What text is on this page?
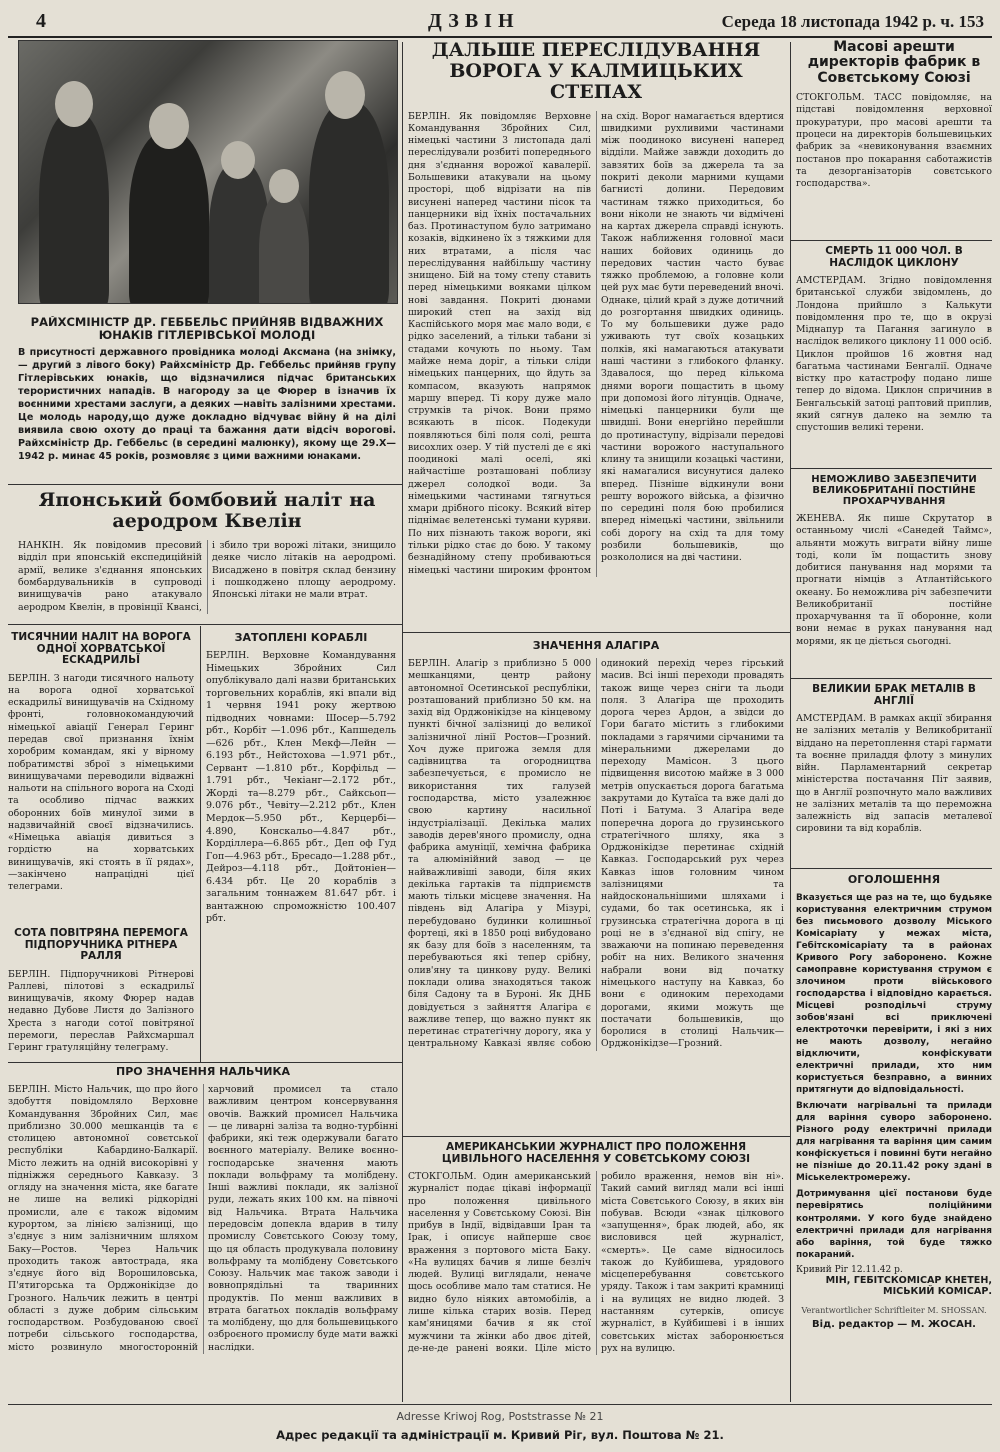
4	ДЗВІН	Середа 18 листопада 1942 р. ч. 153
РАЙХСМІНІСТР ДР. ГЕББЕЛЬС ПРИЙНЯВ ВІДВАЖНИХ ЮНАКІВ ГІТЛЕРІВСЬКОЇ МОЛОДІ

В присутності державного провідника молоді Аксмана (на знімку, — другий з лівого боку) Райхсміністр Др. Геббельс прийняв групу Гітлерівських юнаків, що відзначилися підчас британських терористичних нападів. В нагороду за це Фюрер в ізначив їх воєнними хрестами заслуги, а деяких —навіть залізними хрестами. Це молодь народу,що дуже докладно відчуває війну й на ділі виявила свою охоту до праці та бажання дати відсіч ворогові. Райхсміністр Др. Геббельс (в середині малюнку), якому ще 29.X—1942 р. минає 45 років, розмовляє з цими важними юнаками.

Японський бомбовий наліт на аеродром Квелін

НАНКІН. Як повідомив пресовий відділ при японській експедиційній армії, велике з'єднання японських бомбардувальників в супроводі винищувачів рано атакувало аеродром Квелін, в провінції Квансі, і збило три ворожі літаки, знищило деяке число літаків на аеродромі. Висаджено в повітря склад бензину і пошкоджено площу аеродрому. Японські літаки не мали втрат.

ТИСЯЧНИЙ НАЛІТ НА ВОРОГА ОДНОЇ ХОРВАТСЬКОЇ ЕСКАДРИЛЬЇ

БЕРЛІН. З нагоди тисячного нальоту на ворога одної хорватської ескадрильї винищувачів на Східному фронті, головнокомандуючий німецької авіації Генерал Геринг передав свої признання їхнім хоробрим командам, які у вірному побратимстві зброї з німецькими винищувачами переводили відважні нальоти на спільного ворога на Сході та особливо підчас важких оборонних боїв минулої зими в надзвичайній своєї відзначились. «Німецька авіація дивиться з гордістю на хорватських винищувачів, які стоять в її рядах», —закінчено напрацідні цієї телеграми.

СОТА ПОВІТРЯНА ПЕРЕМОГА ПІДПОРУЧНИКА РІТНЕРА РАЛЛЯ

БЕРЛІН. Підпоручникові Рітнерові Раллеві, пілотові з ескадрильї винищувачів, якому Фюрер надав недавно Дубове Листя до Залізного Хреста з нагоди сотої повітряної перемоги, переслав Райхсмаршал Геринг гратуляційну телеграму.

ЗАТОПЛЕНІ КОРАБЛІ

БЕРЛІН. Верховне Командування Німецьких Збройних Сил опублікувало далі назви британських торговельних кораблів, які впали від 1 червня 1941 року жертвою підводних човнами: Шосер—5.792 рбт., Корбіт —1.096 рбт., Капшедель—626 рбт., Клен Мекф—Лейн — 6.193 рбт., Нейстохова —1.971 рбт., Сервант —1.810 рбт., Корфільд — 1.791 рбт., Чекіанг—2.172 рбт., Жорді та—8.279 рбт., Сайксьоп—9.076 рбт., Чевіту—2.212 рбт., Клен Мердок—5.950 рбт., Керцербі—4.890, Конскальо—4.847 рбт., Корділлера—6.865 рбт., Деп оф Гуд Гоп—4.963 рбт., Бресадо—1.288 рбт., Дейроз—4.118 рбт., Дойтоніен—6.434 рбт. Це 20 кораблів з загальним тоннажем 81.647 рбт. і вантажною спроможністю 100.407 рбт.

ПРО ЗНАЧЕННЯ НАЛЬЧИКА

БЕРЛІН. Місто Нальчик, що про його здобуття повідомляло Верховне Командування Збройних Сил, має приблизно 30.000 мешканців та є столицею автономної совєтської республіки Кабардино-Балкарії. Місто лежить на одній високорівні у підніжжя середнього Кавказу. З огляду на значення міста, яке багате не лише на великі рідкорідні промисли, але є також відомим курортом, за лінією залізниці, що з'єднує з ним залізничним шляхом Баку—Ростов. Через Нальчик проходить також автострада, яка з'єднує його від Ворошиловська, П'ятигорська та Орджонікідзе до Грозного. Нальчик лежить в центрі області з дуже добрим сільським господарством. Розбудованою своєї потреби сільського господарства, місто розвинуло многосторонній харчовий промисел та стало важливим центром консервування овочів. Важкий промисел Нальчика — це ливарні заліза та водно-турбінні фабрики, які теж одержували багато воєнного матеріалу. Велике воєнно-господарське значення мають поклади вольфраму та молібдену. Інші важливі поклади, як залізної руди, лежать яких 100 км. на півночі від Нальчика. Втрата Нальчика передовсім допекла вдарив в тилу промислу Совєтського Союзу тому, що ця область продукувала половину вольфраму та молібдену Совєтського Союзу. Нальчик має також заводи і вовнопрядільні та тваринних продуктів. По менш важливих в втрата багатьох покладів вольфраму та молібдену, що для большевицького озброєного промислу буде мати важкі наслідки.

ДАЛЬШЕ ПЕРЕСЛІДУВАННЯ ВОРОГА У КАЛМИЦЬКИХ СТЕПАХ

БЕРЛІН. Як повідомляє Верховне Командування Збройних Сил, німецькі частини 3 листопада далі переслідували розбиті попереднього дня з'єднання ворожої кавалерії. Большевики атакували на цьому просторі, щоб відрізати на пів висунені наперед частини пісок та панцерники від їхніх постачальних баз. Протинаступом було затримано козаків, відкинено їх з тяжкими для них втратами, а після час переслідування найбільшу частину знищено. Бій на тому степу ставить перед німецькими вояками цілком нові завдання. Покриті дюнами широкий степ на захід від Каспійського моря має мало води, є рідко заселений, а тільки табани зі стадами кочують по ньому. Там майже нема доріг, а тільки сліди німецьких панцерних, що йдуть за компасом, вказують напрямок маршу вперед. Ті кору дуже мало струмків та річок. Вони прямо всякають в пісок. Подекуди появляються білі поля солі, решта висохлих озер. У тій пустелі де є які поодинокі малі оселі, які найчастіше розташовані поблизу джерел солодкої води. За німецькими частинами тягнуться хмари дрібного пісоку. Всякий вітер піднімає велетенські тумани куряви. По них пізнають також вороги, які тільки рідко стає до бою. У такому безнадійному степу пробиваються німецькі частини широким фронтом на схід. Ворог намагається вдертися швидкими рухливими частинами між поодиноко висунені наперед відділи. Майже завжди доходить до завзятих боїв за джерела та за покриті деколи марними кущами багнисті долини. Передовим частинам тяжко приходиться, бо вони ніколи не знають чи відмічені на картах джерела справді існують. Також наближення головної маси наших бойових одиниць до передових частин часто буває тяжко проблемою, а головне коли цей рух має бути переведений вночі. Однаке, цілий край з дуже дотичний до розгортання швидких одиниць. То му большевики дуже радо уживають тут своїх козацьких полків, які намагаються атакувати наші частини з глибокого фланку. Здавалося, що перед кількома днями вороги пощастить в цьому при допомозі його літунців. Одначе, німецькі панцерники були ще швидші. Вони енергійно перейшли до протинаступу, відрізали передові частини ворожого наступального клину та знищили козацькі частини, які намагалися висунутися далеко вперед. Пізніше відкинули вони решту ворожого війська, а фізично по середині поля бою пробилися вперед німецькі частини, звільнили собі дорогу на схід та для тому розбили большевиків, що розкололися на дві частини.

ЗНАЧЕННЯ АЛАГІРА

БЕРЛІН. Алагір з приблизно 5 000 мешканцями, центр району автономної Осетинської республіки, розташований приблизно 50 км. на захід від Орджонікідзе на кінцевому пункті бічної залізниці до великої залізничної лінії Ростов—Грозний. Хоч дуже пригожа земля для садівництва та огородництва забезпечується, є промисло не використання тих галузей господарства, місто узалежнює свою картину насильної індустріалізації. Декілька малих заводів дерев'яного промислу, одна фабрика амуніції, хемічна фабрика та алюмінійний завод — це найважливіші заводи, біля яких декілька гартаків та підприємств мають тільки місцеве значення. На південь від Алагіра у Мізурі, перебудовано будинки колишньої фортеці, які в 1850 році вибудовано як базу для боїв з населенням, та перебуваються які тепер срібну, олив'яну та цинкову руду. Великі поклади олива знаходяться також біля Садону та в Бурoні. Як ДНБ довідується з зайняття Алагіра є важливе тепер, що важно пункт як перетинає стратегічну дорогу, яка у центральному Кавказі являє собою одинокий перехід через гірський масив. Всі інші переходи провадять також вище через сніги та льоди поля. З Алагіра ще проходить дорога через Ардон, а звідси до Гори багато містить з глибокими покладами з гарячими сірчаними та мінеральними джерелами до переходу Мамісон. З цього підвищення висотою майже в 3 000 метрів опускається дорога багатьма закрутами до Кутаїса та вже далі до Поті і Батума. З Алагіра веде поперечна дорога до грузинського стратегічного шляху, яка з Орджонікідзе перетинає східній Кавказ. Господарський рух через Кавказ ішов головним чином залізницями та найдоскональнішими шляхами і судами, бо так осетинська, як і грузинська стратегічна дорога в ці році не в з'єднаної від спігу, не зважаючи на попинаю переведення робіт на них. Великого значення набрали вони від початку німецького наступу на Кавказ, бо вони є одиноким переходами дорогами, якими можуть ще постачати большевиків, що боролися в столиці Нальчик—Орджонікідзе—Грозний.

АМЕРИКАНСЬКИЙ ЖУРНАЛІСТ ПРО ПОЛОЖЕННЯ ЦИВІЛЬНОГО НАСЕЛЕННЯ У СОВЄТСЬКОМУ СОЮЗІ

СТОКГОЛЬМ. Один американський журналіст подає цікаві інформації про положення цивільного населення у Совєтському Союзі. Він прибув в Індії, відвідавши Іран та Ірак, і описує найперше своє враження з портового міста Баку. «На вулицях бачив я лише безліч людей. Вулиці виглядали, неначе щось особливе мало там статися. Не видно було ніяких автомобілів, а лише кілька старих возів. Перед кам'яницями бачив я як стої мужчини та жінки або двоє дітей, де-не-де ранені вояки. Ціле місто робило враження, немов він ні». Такий самий вигляд мали всі інші міста Совєтського Союзу, в яких він побував. Всюди «знак цілкового «запущення», брак людей, або, як висловився цей журналіст, «смерть». Це саме відносилось також до Куйбишева, урядового місцеперебування совєтського уряду. Також і там закриті крамниці і на вулицях не видно людей. З настанням сутерків, описує журналіст, в Куйбишеві і в інших совєтських містах заборонюється рух на вулицю.

Масові арешти директорів фабрик в Совєтському Союзі

СТОКГОЛЬМ. ТАСС повідомляє, на підставі повідомлення верховної прокуратури, про масові арешти та процеси на директорів большевицьких фабрик за «невиконування взаємних постанов про покарання саботажистів та дезорганізаторів совєтського господарства».

СМЕРТЬ 11 000 ЧОЛ. В НАСЛІДОК ЦИКЛОНУ

АМСТЕРДАМ. Згідно повідомлення британської служби звідомлень, до Лондона прийшло з Калькути повідомлення про те, що в окрузі Міднапур та Пагання загинуло в наслідок великого циклону 11 000 осіб. Циклон пройшов 16 жовтня над багатьма частинами Бенгалії. Одначе вістку про катастрофу подано лише тепер до відома. Циклон спричинив в Бенгальській затоці раптовий приплив, який сягнув далеко на землю та спустошив великі терени.

НЕМОЖЛИВО ЗАБЕЗПЕЧИТИ ВЕЛИКОБРИТАНІЇ ПОСТІЙНЕ ПРОХАРЧУВАННЯ

ЖЕНЕВА. Як пише Скрутатор в останньому числі «Санедей Таймс», альянти можуть виграти війну лише тоді, коли їм пощастить знову добитися панування над морями та прогнати німців з Атлантійського океану. Бо неможлива річ забезпечити Великобританії постійне прохарчування та її оборонне, коли вони немає в руках панування над морями, як це діється сьогодні.

ВЕЛИКИЙ БРАК МЕТАЛІВ В АНГЛІЇ

АМСТЕРДАМ. В рамках акції збирання не залізних металів у Великобританії віддано на перетоплення старі гармати та воєнне приладдя флоту з минулих війн. Парламентарний секретар міністерства постачання Піт заявив, що в Англії розпочнуто мало важливих не залізних металів та що переможна залежність від запасів металевої сировини та від кораблів.

ОГОЛОШЕННЯ

Вказується ще раз на те, що будьяке користування електричним струмом без письмового дозволу Міського Комісаріату у межах міста, Гебітскомісаріату та в районах Кривого Рогу заборонено. Кожне самоправне користування струмом є злочином проти військового господарства і відповідно карається. Місцеві розподільчі струму зобов'язані всі приключені електроточки перевірити, і які з них не мають дозволу, негайно відключити, конфіскувати електричні прилади, хто ним користується безправно, а винних притягнути до відповідальності.

Включати нагрівальні та прилади для варіння суворо заборонено. Різного роду електричні прилади для нагрівання та варіння цим самим конфіскується і повинні бути негайно не пізніше до 20.11.42 року здані в Міськелектромережу.

Дотримування цієї постанови буде перевірятись поліційними контролями. У кого буде знайдено електричні прилади для нагрівання або варіння, той буде тяжко покараний.

Кривий Ріг 12.11.42 р.
МІН, ГЕБІТСКОМІСАР КНЕТЕН, МІСЬКИЙ КОМІСАР.
Verantwortlicher Schriftleiter M. SHOSSAN.
Від. редактор — М. ЖОСАН.
Adresse Kriwoj Rog, Poststrasse № 21
Адрес редакції та адміністрації м. Кривий Ріг, вул. Поштова № 21.
